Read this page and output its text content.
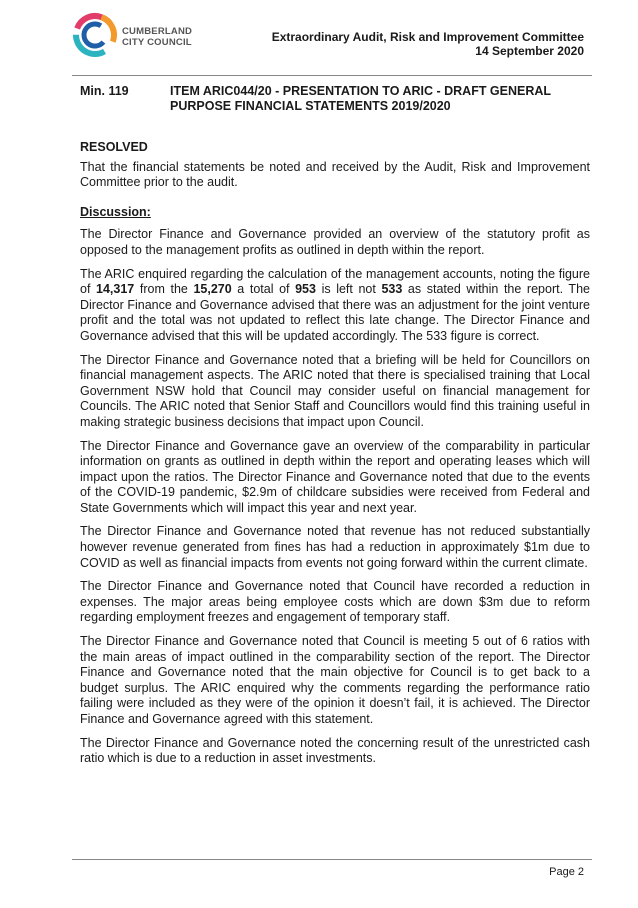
CUMBERLAND
CITY COUNCIL	Extraordinary Audit, Risk and Improvement Committee
14 September 2020
Min. 119	ITEM ARIC044/20 - PRESENTATION TO ARIC - DRAFT GENERAL PURPOSE FINANCIAL STATEMENTS 2019/2020
RESOLVED

That the financial statements be noted and received by the Audit, Risk and Improvement Committee prior to the audit.

Discussion:

The Director Finance and Governance provided an overview of the statutory profit as opposed to the management profits as outlined in depth within the report.

The ARIC enquired regarding the calculation of the management accounts, noting the figure of 14,317 from the 15,270 a total of 953 is left not 533 as stated within the report. The Director Finance and Governance advised that there was an adjustment for the joint venture profit and the total was not updated to reflect this late change. The Director Finance and Governance advised that this will be updated accordingly. The 533 figure is correct.

The Director Finance and Governance noted that a briefing will be held for Councillors on financial management aspects. The ARIC noted that there is specialised training that Local Government NSW hold that Council may consider useful on financial management for Councils. The ARIC noted that Senior Staff and Councillors would find this training useful in making strategic business decisions that impact upon Council.

The Director Finance and Governance gave an overview of the comparability in particular information on grants as outlined in depth within the report and operating leases which will impact upon the ratios. The Director Finance and Governance noted that due to the events of the COVID-19 pandemic, $2.9m of childcare subsidies were received from Federal and State Governments which will impact this year and next year.

The Director Finance and Governance noted that revenue has not reduced substantially however revenue generated from fines has had a reduction in approximately $1m due to COVID as well as financial impacts from events not going forward within the current climate.

The Director Finance and Governance noted that Council have recorded a reduction in expenses. The major areas being employee costs which are down $3m due to reform regarding employment freezes and engagement of temporary staff.

The Director Finance and Governance noted that Council is meeting 5 out of 6 ratios with the main areas of impact outlined in the comparability section of the report. The Director Finance and Governance noted that the main objective for Council is to get back to a budget surplus. The ARIC enquired why the comments regarding the performance ratio failing were included as they were of the opinion it doesn’t fail, it is achieved. The Director Finance and Governance agreed with this statement.

The Director Finance and Governance noted the concerning result of the unrestricted cash ratio which is due to a reduction in asset investments.

Page 2
